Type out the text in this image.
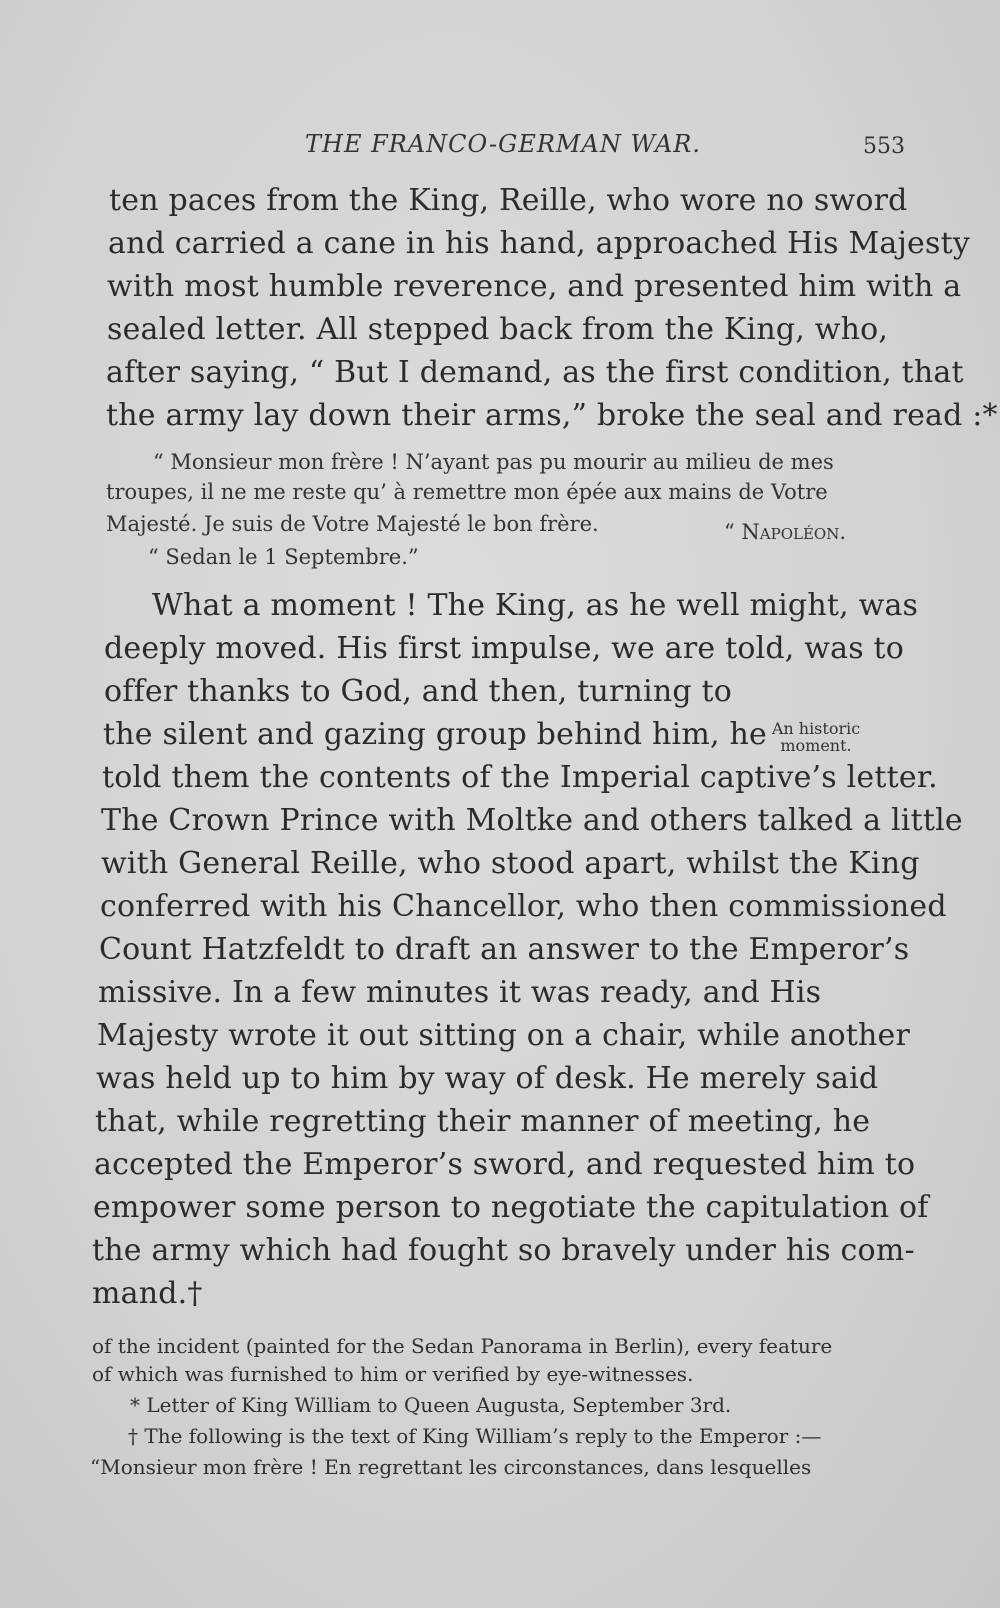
THE FRANCO-GERMAN WAR.	553
ten paces from the King, Reille, who wore no sword
and carried a cane in his hand, approached His Majesty
with most humble reverence, and presented him with a
sealed letter. All stepped back from the King, who,
after saying, “ But I demand, as the first condition, that
the army lay down their arms,” broke the seal and read :*
“ Monsieur mon frère ! N’ayant pas pu mourir au milieu de mes
troupes, il ne me reste qu’ à remettre mon épée aux mains de Votre
Majesté. Je suis de Votre Majesté le bon frère.	“ Napoléon.
“ Sedan le 1 Septembre.”
What a moment ! The King, as he well might, was
deeply moved. His first impulse, we are told, was to
offer thanks to God, and then, turning to
the silent and gazing group behind him, he
told them the contents of the Imperial captive’s letter.
The Crown Prince with Moltke and others talked a little
with General Reille, who stood apart, whilst the King
conferred with his Chancellor, who then commissioned
Count Hatzfeldt to draft an answer to the Emperor’s
missive. In a few minutes it was ready, and His
Majesty wrote it out sitting on a chair, while another
was held up to him by way of desk. He merely said
that, while regretting their manner of meeting, he
accepted the Emperor’s sword, and requested him to
empower some person to negotiate the capitulation of
the army which had fought so bravely under his com-
mand.†
An historic
moment.
of the incident (painted for the Sedan Panorama in Berlin), every feature
of which was furnished to him or verified by eye-witnesses.
* Letter of King William to Queen Augusta, September 3rd.
† The following is the text of King William’s reply to the Emperor :—
“Monsieur mon frère ! En regrettant les circonstances, dans lesquelles
